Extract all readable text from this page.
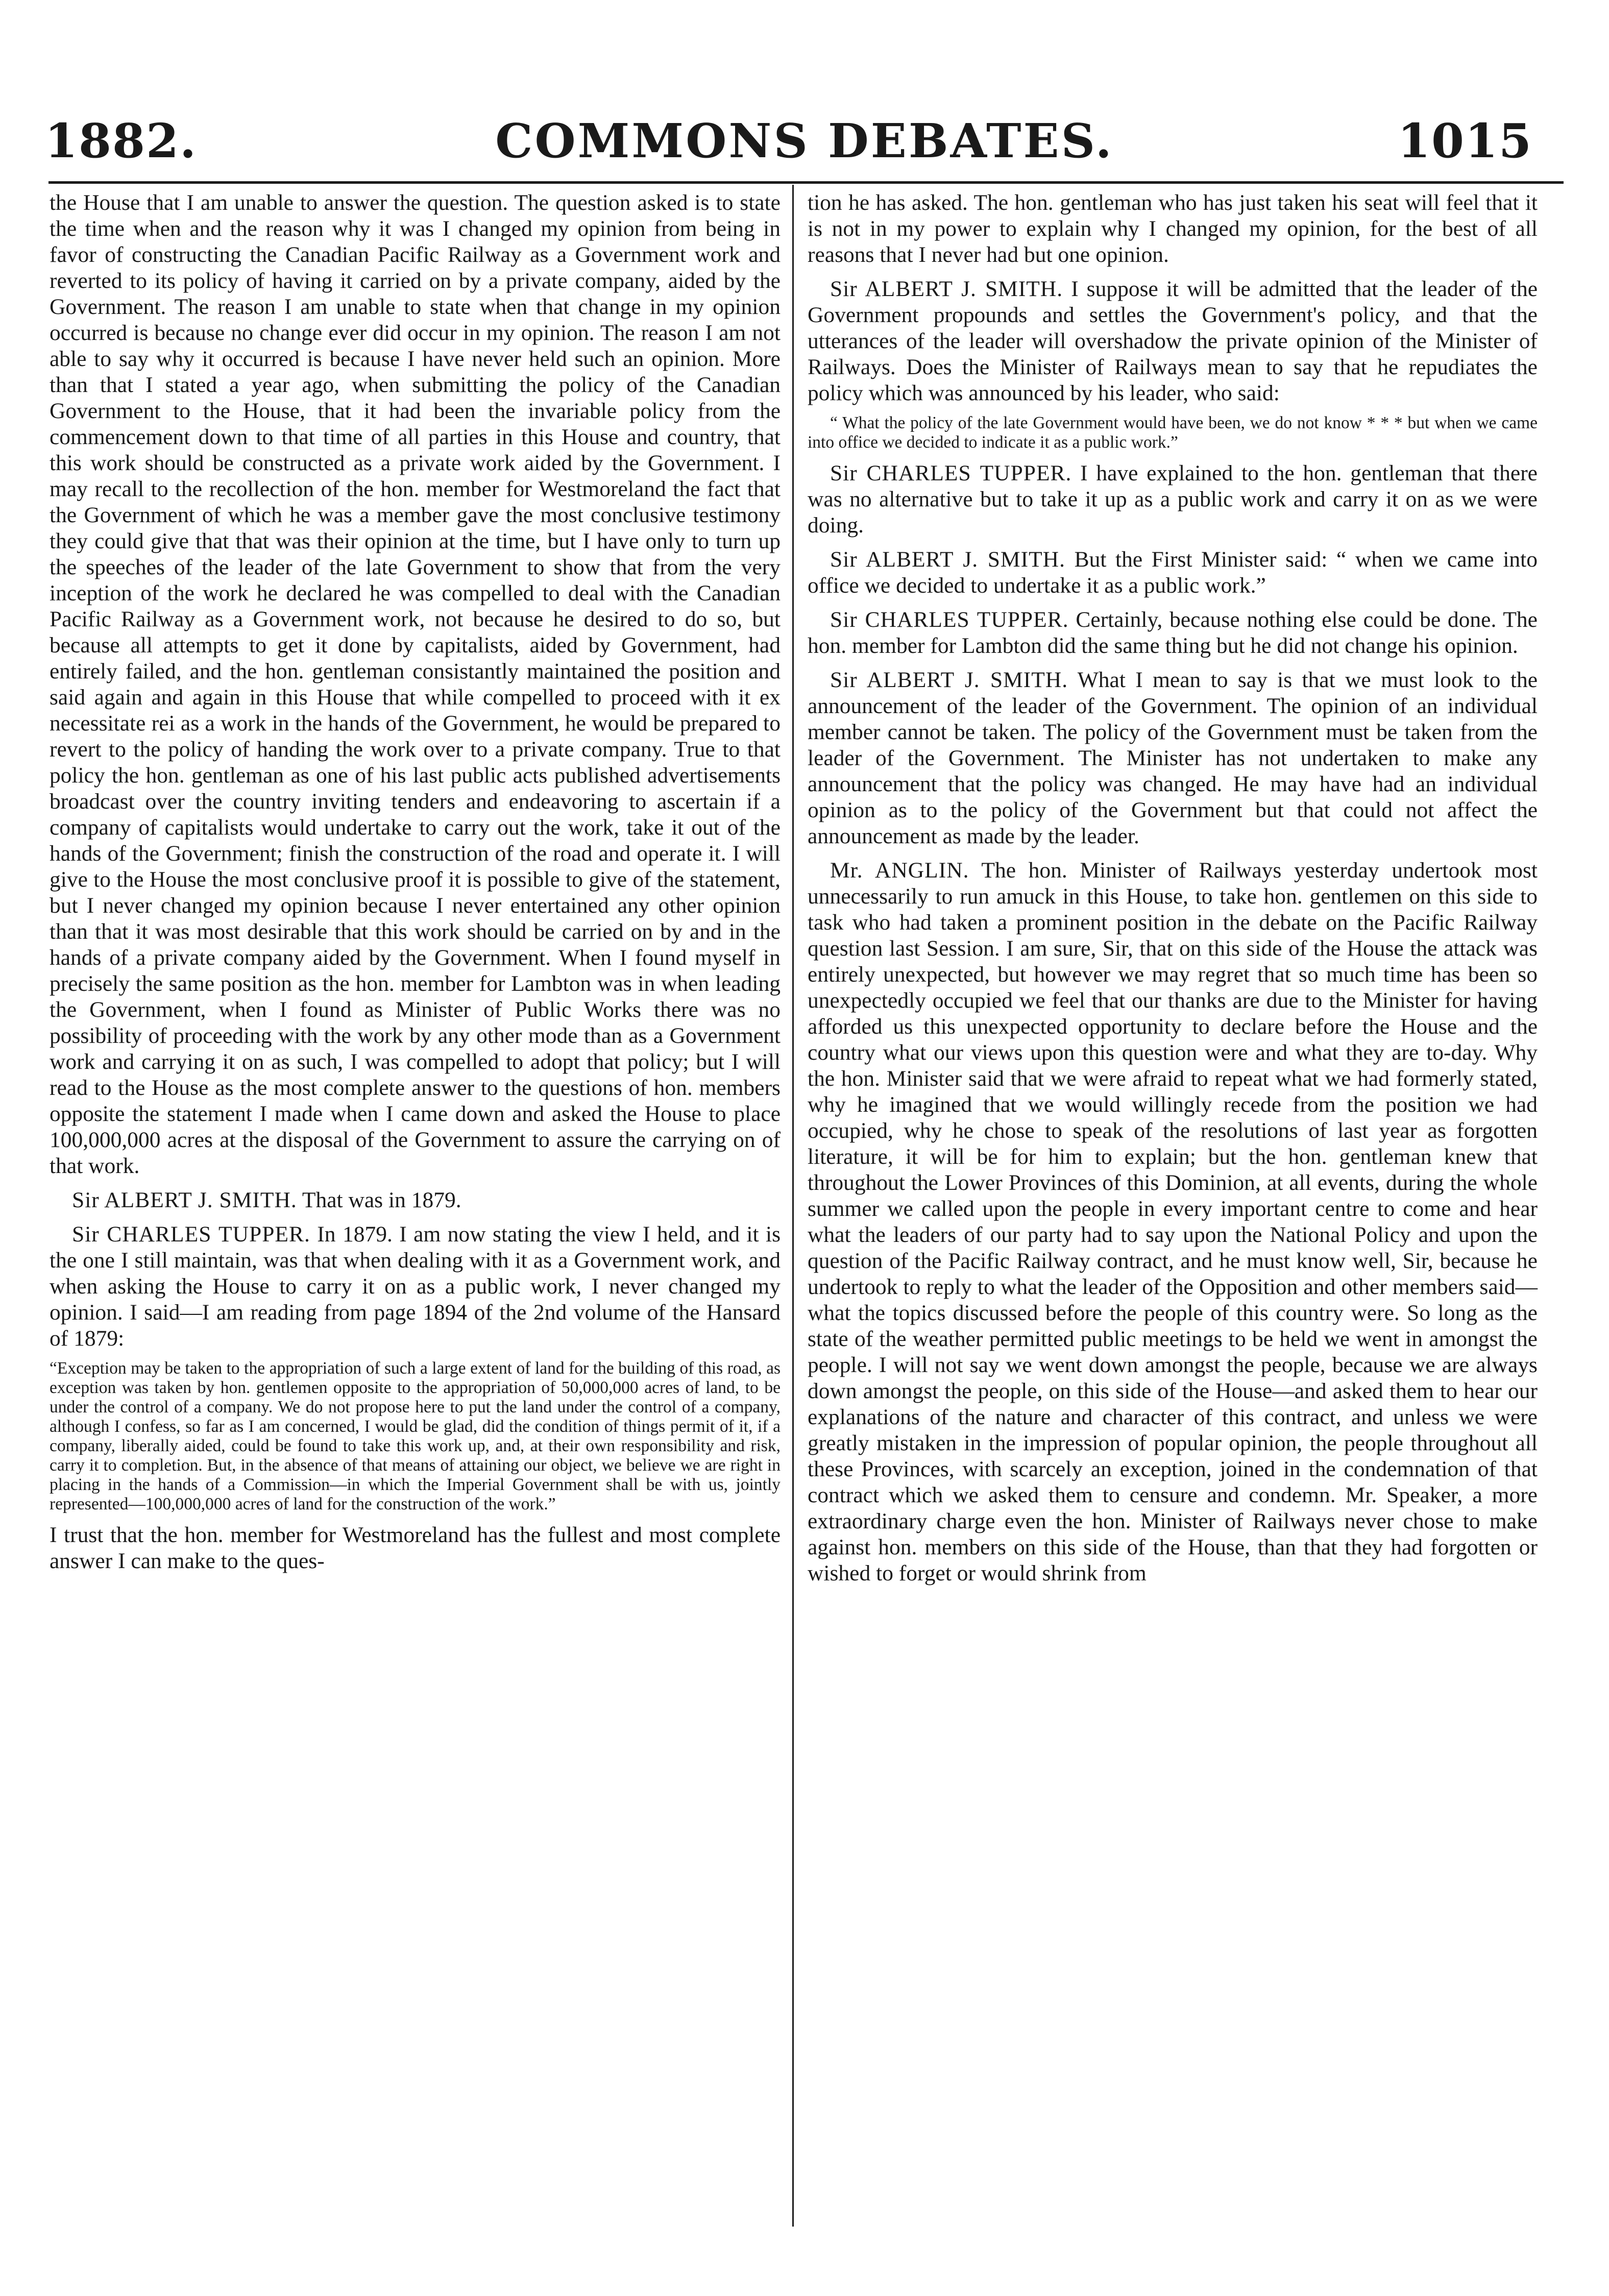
1882.	COMMONS DEBATES.	1015

the House that I am unable to answer the question. The question asked is to state the time when and the reason why it was I changed my opinion from being in favor of constructing the Canadian Pacific Railway as a Government work and reverted to its policy of having it carried on by a private company, aided by the Government. The reason I am unable to state when that change in my opinion occurred is because no change ever did occur in my opinion. The reason I am not able to say why it occurred is because I have never held such an opinion. More than that I stated a year ago, when submitting the policy of the Canadian Government to the House, that it had been the invariable policy from the commencement down to that time of all parties in this House and country, that this work should be constructed as a private work aided by the Government. I may recall to the recollection of the hon. member for Westmoreland the fact that the Government of which he was a member gave the most conclusive testimony they could give that that was their opinion at the time, but I have only to turn up the speeches of the leader of the late Government to show that from the very inception of the work he declared he was compelled to deal with the Canadian Pacific Railway as a Government work, not because he desired to do so, but because all attempts to get it done by capitalists, aided by Government, had entirely failed, and the hon. gentleman consistantly maintained the position and said again and again in this House that while compelled to proceed with it ex necessitate rei as a work in the hands of the Government, he would be prepared to revert to the policy of handing the work over to a private company. True to that policy the hon. gentleman as one of his last public acts published advertisements broadcast over the country inviting tenders and endeavoring to ascertain if a company of capitalists would undertake to carry out the work, take it out of the hands of the Government; finish the construction of the road and operate it. I will give to the House the most conclusive proof it is possible to give of the statement, but I never changed my opinion because I never entertained any other opinion than that it was most desirable that this work should be carried on by and in the hands of a private company aided by the Government. When I found myself in precisely the same position as the hon. member for Lambton was in when leading the Government, when I found as Minister of Public Works there was no possibility of proceeding with the work by any other mode than as a Government work and carrying it on as such, I was compelled to adopt that policy; but I will read to the House as the most complete answer to the questions of hon. members opposite the statement I made when I came down and asked the House to place 100,000,000 acres at the disposal of the Government to assure the carrying on of that work.

Sir ALBERT J. SMITH. That was in 1879.

Sir CHARLES TUPPER. In 1879. I am now stating the view I held, and it is the one I still maintain, was that when dealing with it as a Government work, and when asking the House to carry it on as a public work, I never changed my opinion. I said—I am reading from page 1894 of the 2nd volume of the Hansard of 1879:

“Exception may be taken to the appropriation of such a large extent of land for the building of this road, as exception was taken by hon. gentlemen opposite to the appropriation of 50,000,000 acres of land, to be under the control of a company. We do not propose here to put the land under the control of a company, although I confess, so far as I am concerned, I would be glad, did the condition of things permit of it, if a company, liberally aided, could be found to take this work up, and, at their own responsibility and risk, carry it to completion. But, in the absence of that means of attaining our object, we believe we are right in placing in the hands of a Commission—in which the Imperial Government shall be with us, jointly represented—100,000,000 acres of land for the construction of the work.”

I trust that the hon. member for Westmoreland has the fullest and most complete answer I can make to the ques-

tion he has asked. The hon. gentleman who has just taken his seat will feel that it is not in my power to explain why I changed my opinion, for the best of all reasons that I never had but one opinion.

Sir ALBERT J. SMITH. I suppose it will be admitted that the leader of the Government propounds and settles the Government's policy, and that the utterances of the leader will overshadow the private opinion of the Minister of Railways. Does the Minister of Railways mean to say that he repudiates the policy which was announced by his leader, who said:

“ What the policy of the late Government would have been, we do not know * * * but when we came into office we decided to indicate it as a public work.”

Sir CHARLES TUPPER. I have explained to the hon. gentleman that there was no alternative but to take it up as a public work and carry it on as we were doing.

Sir ALBERT J. SMITH. But the First Minister said: “ when we came into office we decided to undertake it as a public work.”

Sir CHARLES TUPPER. Certainly, because nothing else could be done. The hon. member for Lambton did the same thing but he did not change his opinion.

Sir ALBERT J. SMITH. What I mean to say is that we must look to the announcement of the leader of the Government. The opinion of an individual member cannot be taken. The policy of the Government must be taken from the leader of the Government. The Minister has not undertaken to make any announcement that the policy was changed. He may have had an individual opinion as to the policy of the Government but that could not affect the announcement as made by the leader.

Mr. ANGLIN. The hon. Minister of Railways yesterday undertook most unnecessarily to run amuck in this House, to take hon. gentlemen on this side to task who had taken a prominent position in the debate on the Pacific Railway question last Session. I am sure, Sir, that on this side of the House the attack was entirely unexpected, but however we may regret that so much time has been so unexpectedly occupied we feel that our thanks are due to the Minister for having afforded us this unexpected opportunity to declare before the House and the country what our views upon this question were and what they are to-day. Why the hon. Minister said that we were afraid to repeat what we had formerly stated, why he imagined that we would willingly recede from the position we had occupied, why he chose to speak of the resolutions of last year as forgotten literature, it will be for him to explain; but the hon. gentleman knew that throughout the Lower Provinces of this Dominion, at all events, during the whole summer we called upon the people in every important centre to come and hear what the leaders of our party had to say upon the National Policy and upon the question of the Pacific Railway contract, and he must know well, Sir, because he undertook to reply to what the leader of the Opposition and other members said—what the topics discussed before the people of this country were. So long as the state of the weather permitted public meetings to be held we went in amongst the people. I will not say we went down amongst the people, because we are always down amongst the people, on this side of the House—and asked them to hear our explanations of the nature and character of this contract, and unless we were greatly mistaken in the impression of popular opinion, the people throughout all these Provinces, with scarcely an exception, joined in the condemnation of that contract which we asked them to censure and condemn. Mr. Speaker, a more extraordinary charge even the hon. Minister of Railways never chose to make against hon. members on this side of the House, than that they had forgotten or wished to forget or would shrink from
